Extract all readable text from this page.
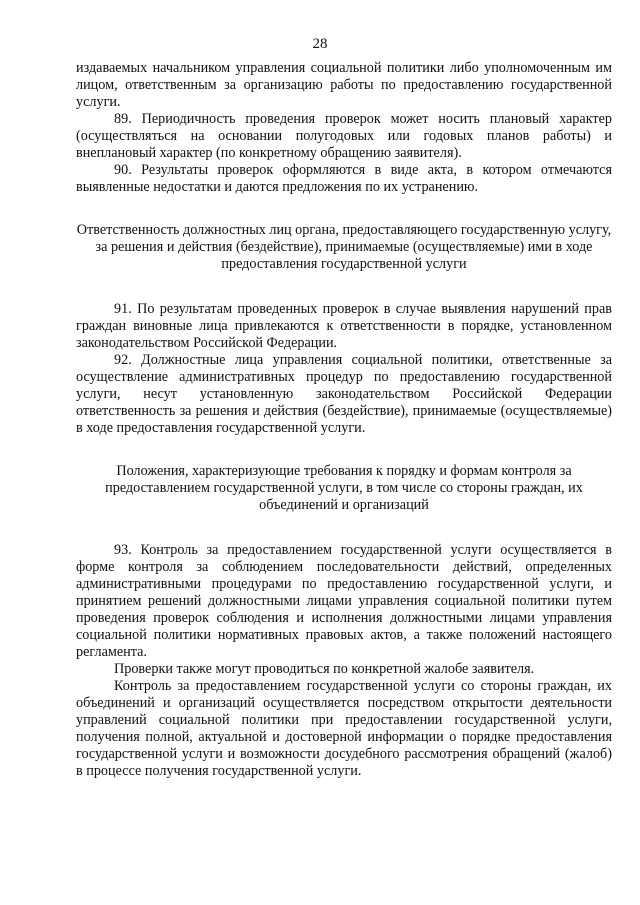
28

издаваемых начальником управления социальной политики либо уполномоченным им лицом, ответственным за организацию работы по предоставлению государственной услуги.

89. Периодичность проведения проверок может носить плановый характер (осуществляться на основании полугодовых или годовых планов работы) и внеплановый характер (по конкретному обращению заявителя).

90. Результаты проверок оформляются в виде акта, в котором отмечаются выявленные недостатки и даются предложения по их устранению.

Ответственность должностных лиц органа, предоставляющего государственную услугу, за решения и действия (бездействие), принимаемые (осуществляемые) ими в ходе предоставления государственной услуги

91. По результатам проведенных проверок в случае выявления нарушений прав граждан виновные лица привлекаются к ответственности в порядке, установленном законодательством Российской Федерации.

92. Должностные лица управления социальной политики, ответственные за осуществление административных процедур по предоставлению государственной услуги, несут установленную законодательством Российской Федерации ответственность за решения и действия (бездействие), принимаемые (осуществляемые) в ходе предоставления государственной услуги.

Положения, характеризующие требования к порядку и формам контроля за предоставлением государственной услуги, в том числе со стороны граждан, их объединений и организаций

93. Контроль за предоставлением государственной услуги осуществляется в форме контроля за соблюдением последовательности действий, определенных административными процедурами по предоставлению государственной услуги, и принятием решений должностными лицами управления социальной политики путем проведения проверок соблюдения и исполнения должностными лицами управления социальной политики нормативных правовых актов, а также положений настоящего регламента.

Проверки также могут проводиться по конкретной жалобе заявителя.

Контроль за предоставлением государственной услуги со стороны граждан, их объединений и организаций осуществляется посредством открытости деятельности управлений социальной политики при предоставлении государственной услуги, получения полной, актуальной и достоверной информации о порядке предоставления государственной услуги и возможности досудебного рассмотрения обращений (жалоб) в процессе получения государственной услуги.
